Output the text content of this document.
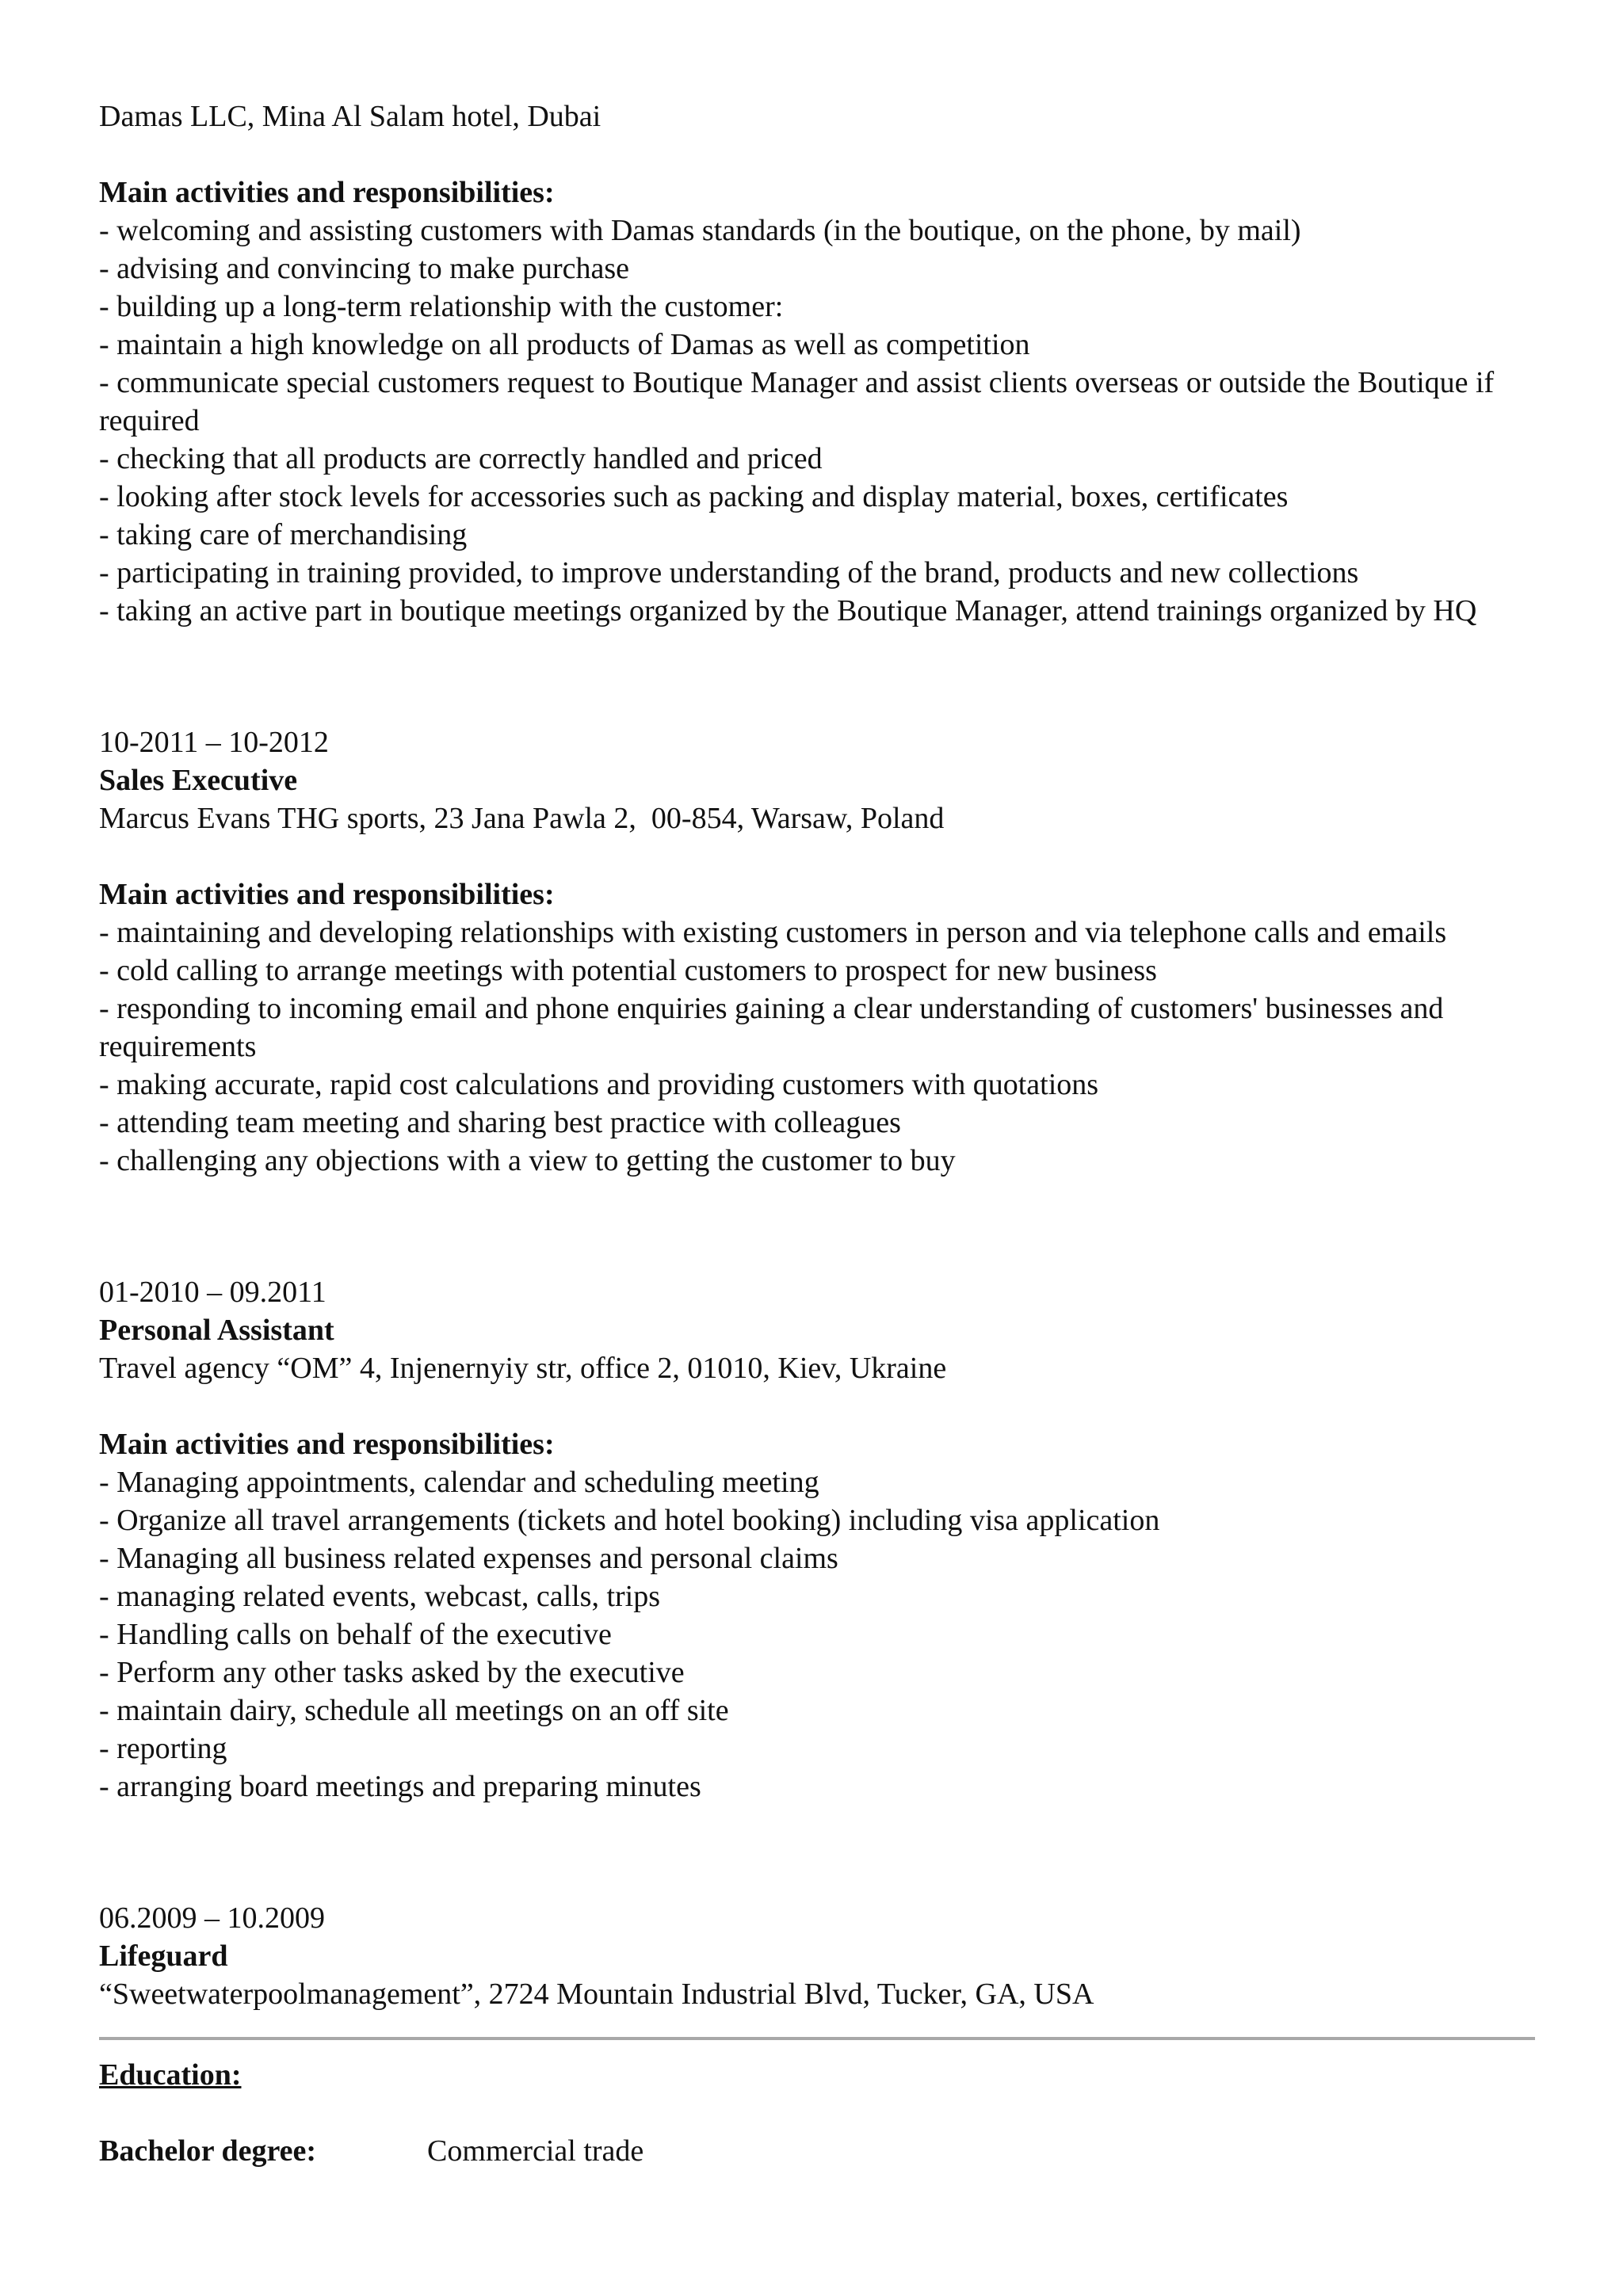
Damas LLC, Mina Al Salam hotel, Dubai
Main activities and responsibilities:
- welcoming and assisting customers with Damas standards (in the boutique, on the phone, by mail)
- advising and convincing to make purchase
- building up a long-term relationship with the customer:
- maintain a high knowledge on all products of Damas as well as competition
- communicate special customers request to Boutique Manager and assist clients overseas or outside the Boutique if required
- checking that all products are correctly handled and priced
- looking after stock levels for accessories such as packing and display material, boxes, certificates
- taking care of merchandising
- participating in training provided, to improve understanding of the brand, products and new collections
- taking an active part in boutique meetings organized by the Boutique Manager, attend trainings organized by HQ
10-2011 – 10-2012
Sales Executive
Marcus Evans THG sports, 23 Jana Pawla 2,  00-854, Warsaw, Poland
Main activities and responsibilities:
- maintaining and developing relationships with existing customers in person and via telephone calls and emails
- cold calling to arrange meetings with potential customers to prospect for new business
- responding to incoming email and phone enquiries gaining a clear understanding of customers' businesses and requirements
- making accurate, rapid cost calculations and providing customers with quotations
- attending team meeting and sharing best practice with colleagues
- challenging any objections with a view to getting the customer to buy
01-2010 – 09.2011
Personal Assistant
Travel agency “OM” 4, Injenernyiy str, office 2, 01010, Kiev, Ukraine
Main activities and responsibilities:
- Managing appointments, calendar and scheduling meeting
- Organize all travel arrangements (tickets and hotel booking) including visa application
- Managing all business related expenses and personal claims
- managing related events, webcast, calls, trips
- Handling calls on behalf of the executive
- Perform any other tasks asked by the executive
- maintain dairy, schedule all meetings on an off site
- reporting
- arranging board meetings and preparing minutes
06.2009 – 10.2009
Lifeguard
“Sweetwaterpoolmanagement”, 2724 Mountain Industrial Blvd, Tucker, GA, USA
Education:
Bachelor degree:	Commercial trade
